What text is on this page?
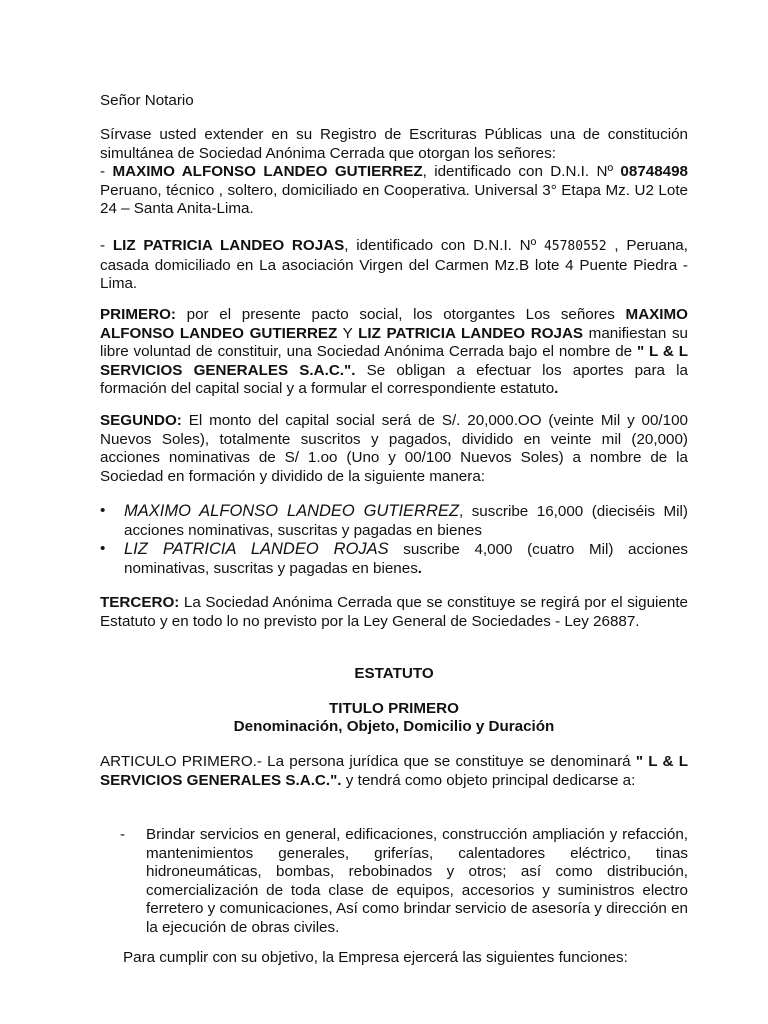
Señor Notario

Sírvase usted extender en su Registro de Escrituras Públicas una de constitución simultánea de Sociedad Anónima Cerrada que otorgan los señores:
- MAXIMO ALFONSO LANDEO GUTIERREZ, identificado con D.N.I. Nº 08748498 Peruano, técnico , soltero, domiciliado en Cooperativa. Universal 3° Etapa Mz. U2 Lote 24 – Santa Anita-Lima.

- LIZ PATRICIA LANDEO ROJAS, identificado con D.N.I. Nº 45780552 , Peruana, casada domiciliado en La asociación Virgen del Carmen Mz.B lote 4 Puente Piedra -Lima.

PRIMERO: por el presente pacto social, los otorgantes Los señores MAXIMO ALFONSO LANDEO GUTIERREZ Y LIZ PATRICIA LANDEO ROJAS manifiestan su libre voluntad de constituir, una Sociedad Anónima Cerrada bajo el nombre de " L & L SERVICIOS GENERALES S.A.C.". Se obligan a efectuar los aportes para la formación del capital social y a formular el correspondiente estatuto.

SEGUNDO: El monto del capital social será de S/. 20,000.OO (veinte Mil y 00/100 Nuevos Soles), totalmente suscritos y pagados, dividido en veinte mil (20,000) acciones nominativas de S/ 1.oo (Uno y 00/100 Nuevos Soles) a nombre de la Sociedad en formación y dividido de la siguiente manera:

•	MAXIMO ALFONSO LANDEO GUTIERREZ, suscribe 16,000 (dieciséis Mil) acciones nominativas, suscritas y pagadas en bienes
•	LIZ PATRICIA LANDEO ROJAS suscribe 4,000 (cuatro Mil) acciones nominativas, suscritas y pagadas en bienes.

TERCERO: La Sociedad Anónima Cerrada que se constituye se regirá por el siguiente Estatuto y en todo lo no previsto por la Ley General de Sociedades - Ley 26887.

ESTATUTO

TITULO PRIMERO

Denominación, Objeto, Domicilio y Duración

ARTICULO PRIMERO.- La persona jurídica que se constituye se denominará " L & L SERVICIOS GENERALES S.A.C.". y tendrá como objeto principal dedicarse a:

- Brindar servicios en general, edificaciones, construcción ampliación y refacción, mantenimientos generales, griferías, calentadores eléctrico, tinas hidroneumáticas, bombas, rebobinados y otros; así como distribución, comercialización de toda clase de equipos, accesorios y suministros electro ferretero y comunicaciones, Así como brindar servicio de asesoría y dirección en la ejecución de obras civiles.

Para cumplir con su objetivo, la Empresa ejercerá las siguientes funciones:
